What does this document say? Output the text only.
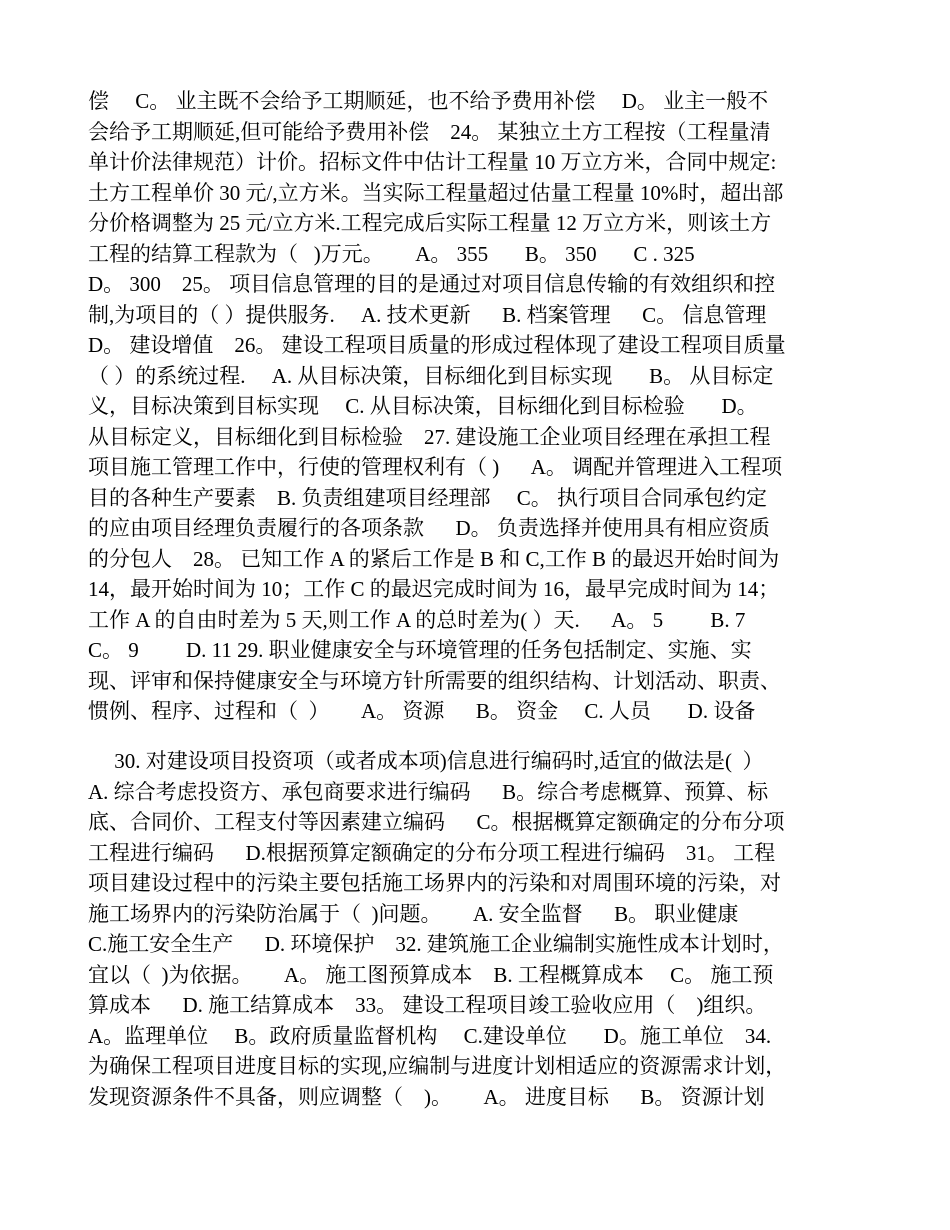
偿     C。 业主既不会给予工期顺延，也不给予费用补偿     D。 业主一般不
会给予工期顺延,但可能给予费用补偿    24。 某独立土方工程按（工程量清
单计价法律规范）计价。招标文件中估计工程量 10 万立方米，合同中规定:
土方工程单价 30 元/,立方米。当实际工程量超过估量工程量 10%时，超出部
分价格调整为 25 元/立方米.工程完成后实际工程量 12 万立方米，则该土方
工程的结算工程款为（   )万元。      A。 355       B。 350       C . 325
D。 300    25。 项目信息管理的目的是通过对项目信息传输的有效组织和控
制,为项目的（ ）提供服务.     A. 技术更新      B. 档案管理      C。 信息管理
D。 建设增值    26。 建设工程项目质量的形成过程体现了建设工程项目质量
（ ）的系统过程.     A. 从目标决策，目标细化到目标实现       B。 从目标定
义，目标决策到目标实现     C. 从目标决策，目标细化到目标检验       D。
从目标定义，目标细化到目标检验    27. 建设施工企业项目经理在承担工程
项目施工管理工作中，行使的管理权利有（ )      A。 调配并管理进入工程项
目的各种生产要素    B. 负责组建项目经理部     C。 执行项目合同承包约定
的应由项目经理负责履行的各项条款      D。 负责选择并使用具有相应资质
的分包人    28。 已知工作 A 的紧后工作是 B 和 C,工作 B 的最迟开始时间为
14，最开始时间为 10；工作 C 的最迟完成时间为 16，最早完成时间为 14；
工作 A 的自由时差为 5 天,则工作 A 的总时差为( ）天.      A。 5         B. 7
C。 9         D. 11 29. 职业健康安全与环境管理的任务包括制定、实施、实
现、评审和保持健康安全与环境方针所需要的组织结构、计划活动、职责、
惯例、程序、过程和（  ）      A。 资源      B。 资金     C. 人员       D. 设备
30. 对建设项目投资项（或者成本项)信息进行编码时,适宜的做法是(  ）
A. 综合考虑投资方、承包商要求进行编码      B。综合考虑概算、预算、标
底、合同价、工程支付等因素建立编码      C。根据概算定额确定的分布分项
工程进行编码      D.根据预算定额确定的分布分项工程进行编码    31。 工程
项目建设过程中的污染主要包括施工场界内的污染和对周围环境的污染，对
施工场界内的污染防治属于（  )问题。      A. 安全监督      B。 职业健康
C.施工安全生产      D. 环境保护    32. 建筑施工企业编制实施性成本计划时，
宜以（  )为依据。      A。 施工图预算成本    B. 工程概算成本     C。 施工预
算成本      D. 施工结算成本    33。 建设工程项目竣工验收应用（    )组织。
A。监理单位     B。政府质量监督机构     C.建设单位       D。施工单位    34.
为确保工程项目进度目标的实现,应编制与进度计划相适应的资源需求计划，
发现资源条件不具备，则应调整（    )。      A。 进度目标      B。 资源计划
